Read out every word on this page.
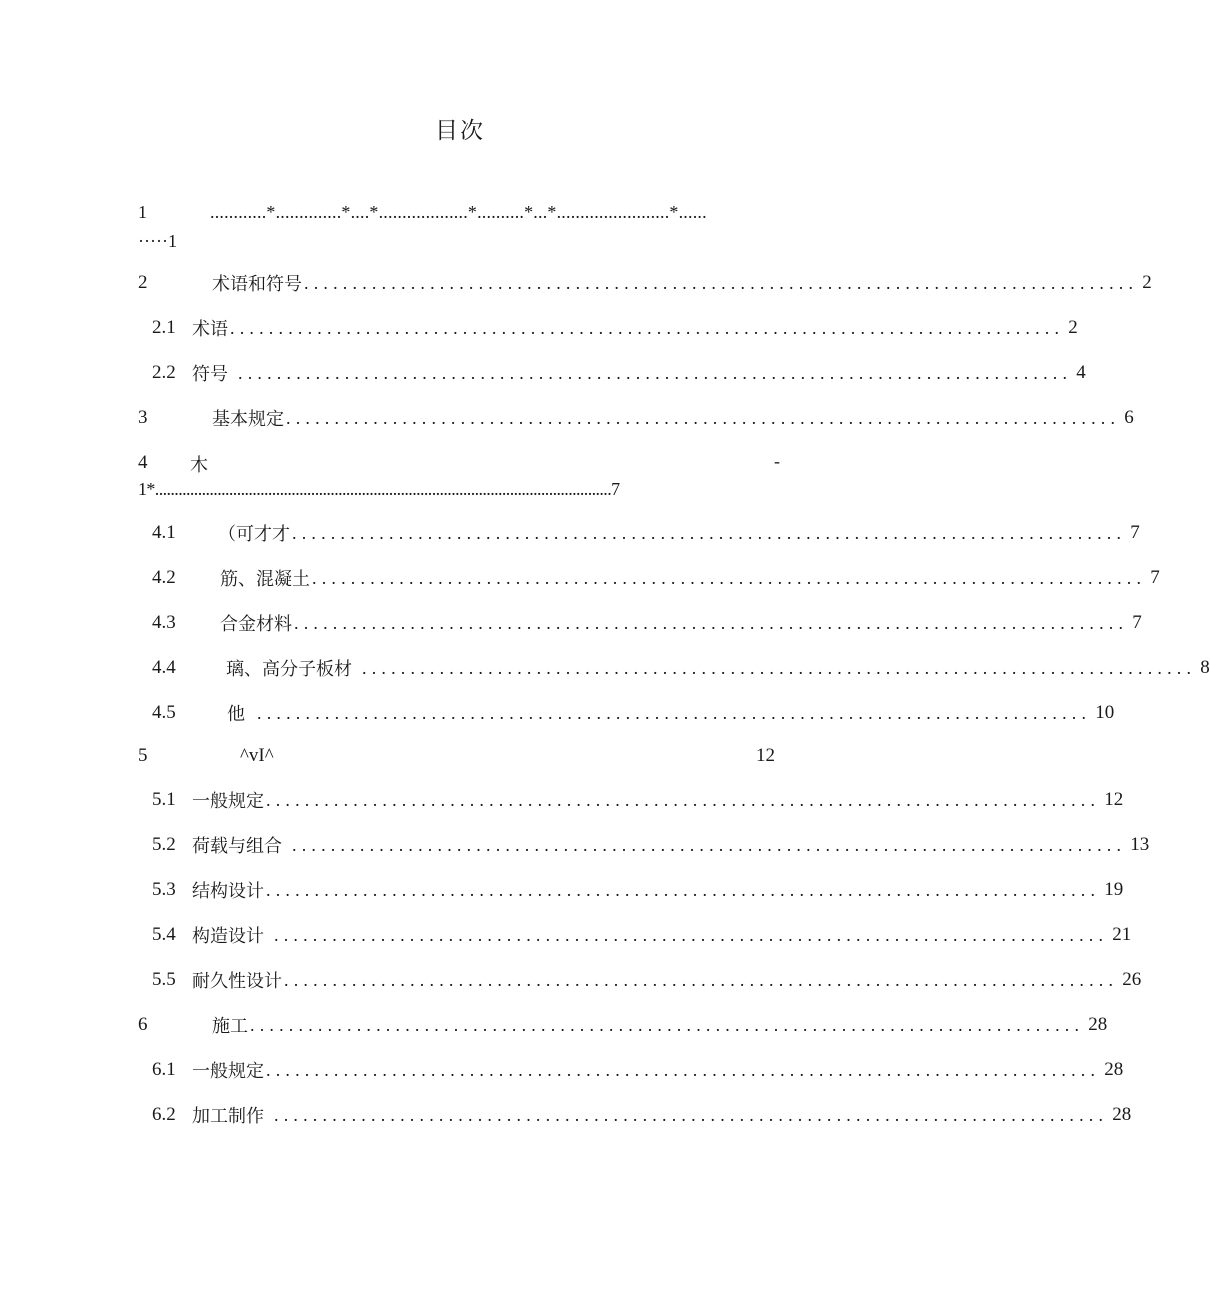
目次
1	............*..............*....*...................*..........*...*........................*......
·····1
2	术语和符号 ...................................................................................... 2
2.1 术语 ...................................................................................... 2
2.2 符号 ...................................................................................... 4
3	基本规定 ...................................................................................... 6
4 木	-
1*.....................................................................................................................7
4.1 （可才才 ...................................................................................... 7
4.2 筋、混凝土 ...................................................................................... 7
4.3 合金材料 ...................................................................................... 7
4.4	璃、高分子板材 ...................................................................................... 8
4.5	他 ...................................................................................... 10
5	^vI^	12
5.1 一般规定 ...................................................................................... 12
5.2 荷载与组合 ...................................................................................... 13
5.3 结构设计 ...................................................................................... 19
5.4 构造设计 ...................................................................................... 21
5.5 耐久性设计 ...................................................................................... 26
6	施工 ...................................................................................... 28
6.1 一般规定 ...................................................................................... 28
6.2 加工制作 ...................................................................................... 28
